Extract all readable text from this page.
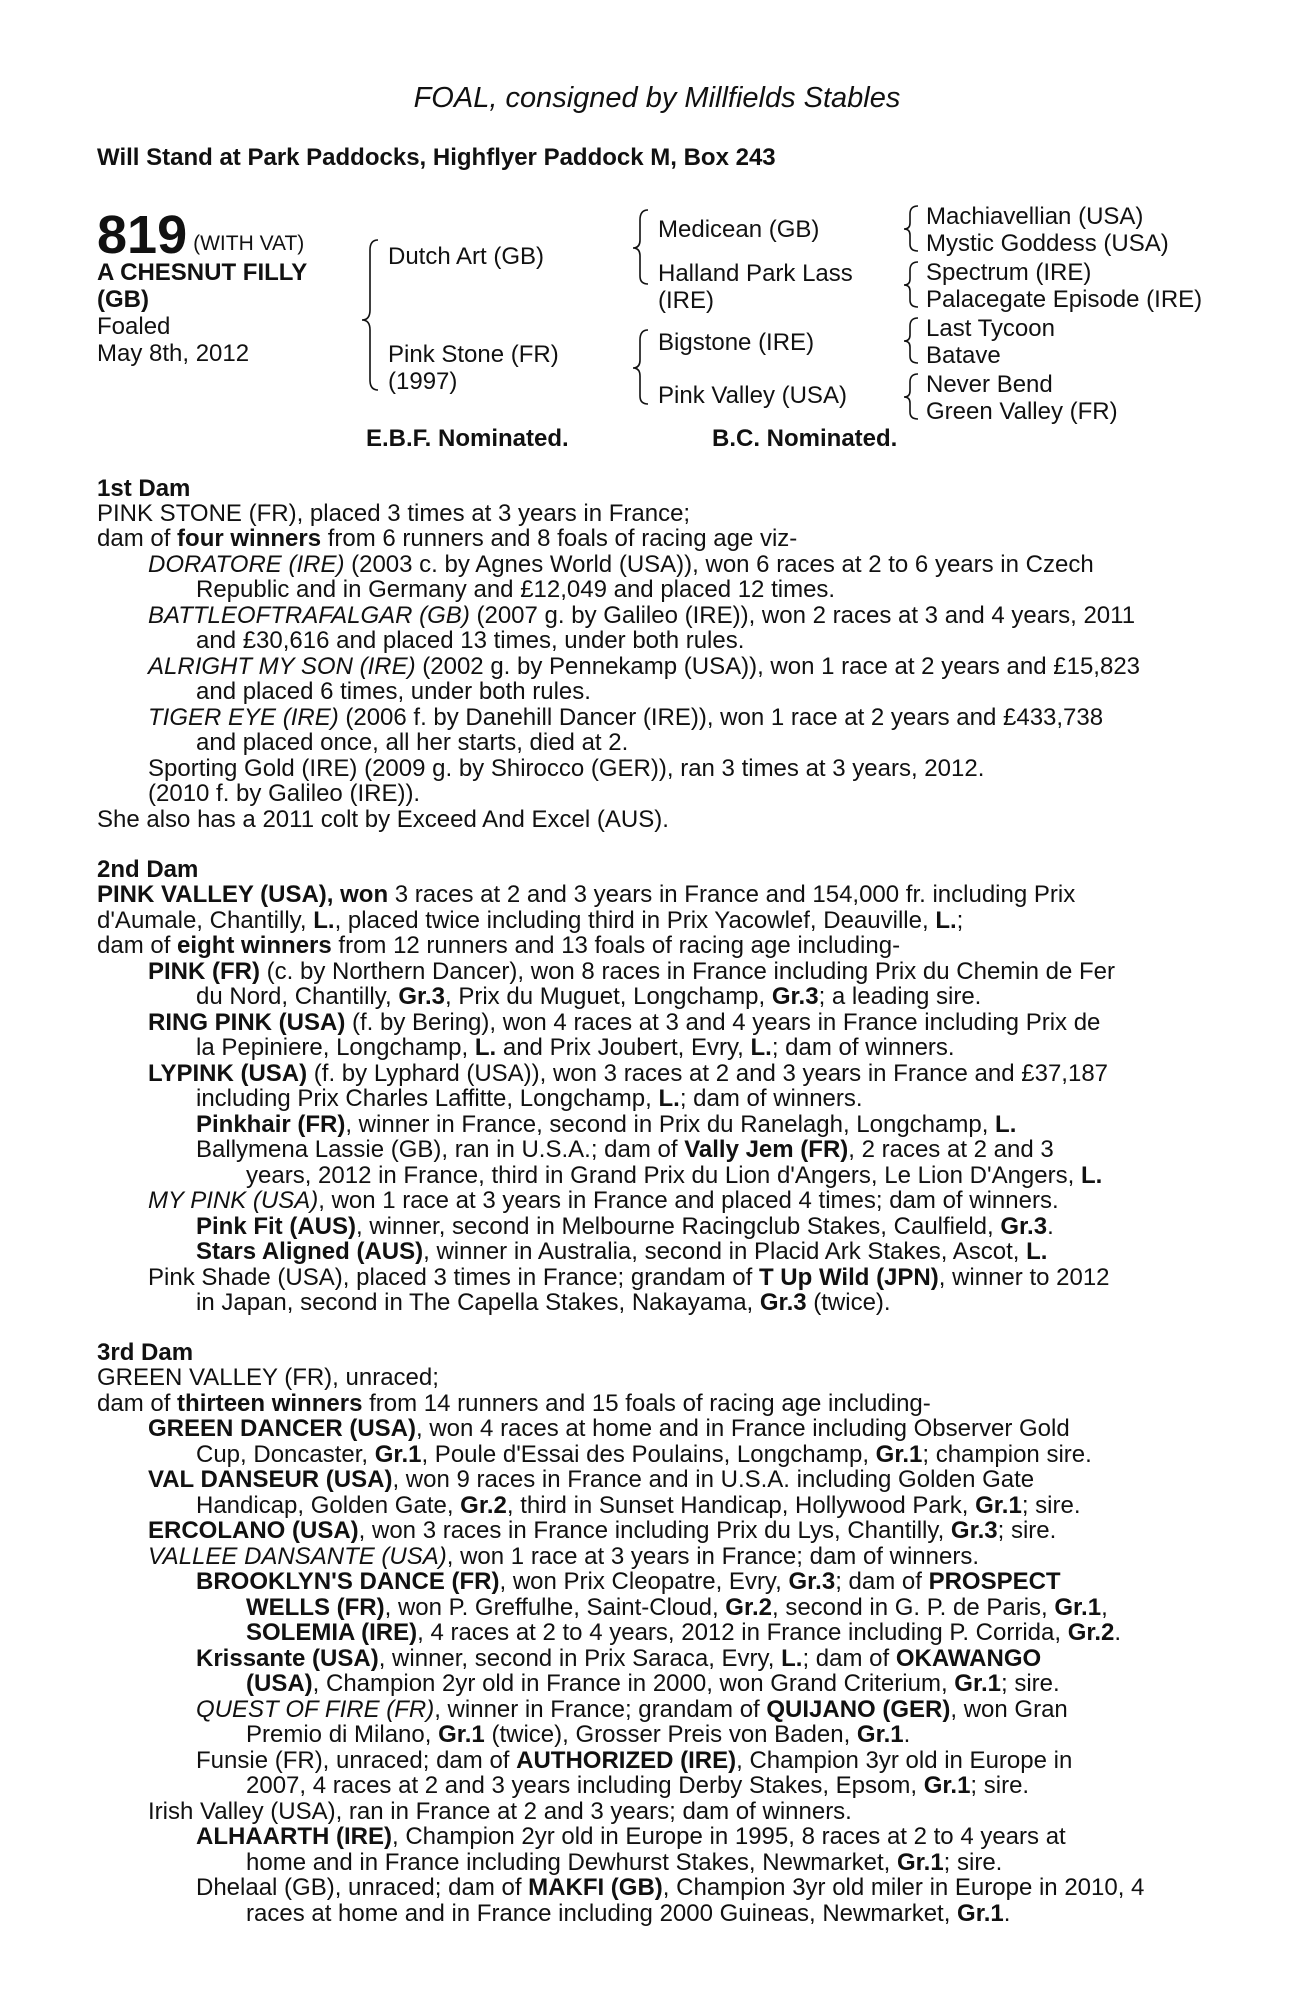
FOAL, consigned by Millfields Stables
Will Stand at Park Paddocks, Highflyer Paddock M, Box 243
819 (WITH VAT)
A CHESNUT FILLY
(GB)
Foaled
May 8th, 2012
Dutch Art (GB)
Pink Stone (FR)
(1997)
Medicean (GB)
Halland Park Lass
(IRE)
Bigstone (IRE)
Pink Valley (USA)
Machiavellian (USA)
Mystic Goddess (USA)
Spectrum (IRE)
Palacegate Episode (IRE)
Last Tycoon
Batave
Never Bend
Green Valley (FR)
E.B.F. Nominated.	B.C. Nominated.
1st Dam
PINK STONE (FR), placed 3 times at 3 years in France;
dam of four winners from 6 runners and 8 foals of racing age viz-
DORATORE (IRE) (2003 c. by Agnes World (USA)), won 6 races at 2 to 6 years in Czech
Republic and in Germany and £12,049 and placed 12 times.
BATTLEOFTRAFALGAR (GB) (2007 g. by Galileo (IRE)), won 2 races at 3 and 4 years, 2011
and £30,616 and placed 13 times, under both rules.
ALRIGHT MY SON (IRE) (2002 g. by Pennekamp (USA)), won 1 race at 2 years and £15,823
and placed 6 times, under both rules.
TIGER EYE (IRE) (2006 f. by Danehill Dancer (IRE)), won 1 race at 2 years and £433,738
and placed once, all her starts, died at 2.
Sporting Gold (IRE) (2009 g. by Shirocco (GER)), ran 3 times at 3 years, 2012.
(2010 f. by Galileo (IRE)).
She also has a 2011 colt by Exceed And Excel (AUS).
2nd Dam
PINK VALLEY (USA), won 3 races at 2 and 3 years in France and 154,000 fr. including Prix
d'Aumale, Chantilly, L., placed twice including third in Prix Yacowlef, Deauville, L.;
dam of eight winners from 12 runners and 13 foals of racing age including-
PINK (FR) (c. by Northern Dancer), won 8 races in France including Prix du Chemin de Fer
du Nord, Chantilly, Gr.3, Prix du Muguet, Longchamp, Gr.3; a leading sire.
RING PINK (USA) (f. by Bering), won 4 races at 3 and 4 years in France including Prix de
la Pepiniere, Longchamp, L. and Prix Joubert, Evry, L.; dam of winners.
LYPINK (USA) (f. by Lyphard (USA)), won 3 races at 2 and 3 years in France and £37,187
including Prix Charles Laffitte, Longchamp, L.; dam of winners.
Pinkhair (FR), winner in France, second in Prix du Ranelagh, Longchamp, L.
Ballymena Lassie (GB), ran in U.S.A.; dam of Vally Jem (FR), 2 races at 2 and 3
years, 2012 in France, third in Grand Prix du Lion d'Angers, Le Lion D'Angers, L.
MY PINK (USA), won 1 race at 3 years in France and placed 4 times; dam of winners.
Pink Fit (AUS), winner, second in Melbourne Racingclub Stakes, Caulfield, Gr.3.
Stars Aligned (AUS), winner in Australia, second in Placid Ark Stakes, Ascot, L.
Pink Shade (USA), placed 3 times in France; grandam of T Up Wild (JPN), winner to 2012
in Japan, second in The Capella Stakes, Nakayama, Gr.3 (twice).
3rd Dam
GREEN VALLEY (FR), unraced;
dam of thirteen winners from 14 runners and 15 foals of racing age including-
GREEN DANCER (USA), won 4 races at home and in France including Observer Gold
Cup, Doncaster, Gr.1, Poule d'Essai des Poulains, Longchamp, Gr.1; champion sire.
VAL DANSEUR (USA), won 9 races in France and in U.S.A. including Golden Gate
Handicap, Golden Gate, Gr.2, third in Sunset Handicap, Hollywood Park, Gr.1; sire.
ERCOLANO (USA), won 3 races in France including Prix du Lys, Chantilly, Gr.3; sire.
VALLEE DANSANTE (USA), won 1 race at 3 years in France; dam of winners.
BROOKLYN'S DANCE (FR), won Prix Cleopatre, Evry, Gr.3; dam of PROSPECT
WELLS (FR), won P. Greffulhe, Saint-Cloud, Gr.2, second in G. P. de Paris, Gr.1,
SOLEMIA (IRE), 4 races at 2 to 4 years, 2012 in France including P. Corrida, Gr.2.
Krissante (USA), winner, second in Prix Saraca, Evry, L.; dam of OKAWANGO
(USA), Champion 2yr old in France in 2000, won Grand Criterium, Gr.1; sire.
QUEST OF FIRE (FR), winner in France; grandam of QUIJANO (GER), won Gran
Premio di Milano, Gr.1 (twice), Grosser Preis von Baden, Gr.1.
Funsie (FR), unraced; dam of AUTHORIZED (IRE), Champion 3yr old in Europe in
2007, 4 races at 2 and 3 years including Derby Stakes, Epsom, Gr.1; sire.
Irish Valley (USA), ran in France at 2 and 3 years; dam of winners.
ALHAARTH (IRE), Champion 2yr old in Europe in 1995, 8 races at 2 to 4 years at
home and in France including Dewhurst Stakes, Newmarket, Gr.1; sire.
Dhelaal (GB), unraced; dam of MAKFI (GB), Champion 3yr old miler in Europe in 2010, 4
races at home and in France including 2000 Guineas, Newmarket, Gr.1.
